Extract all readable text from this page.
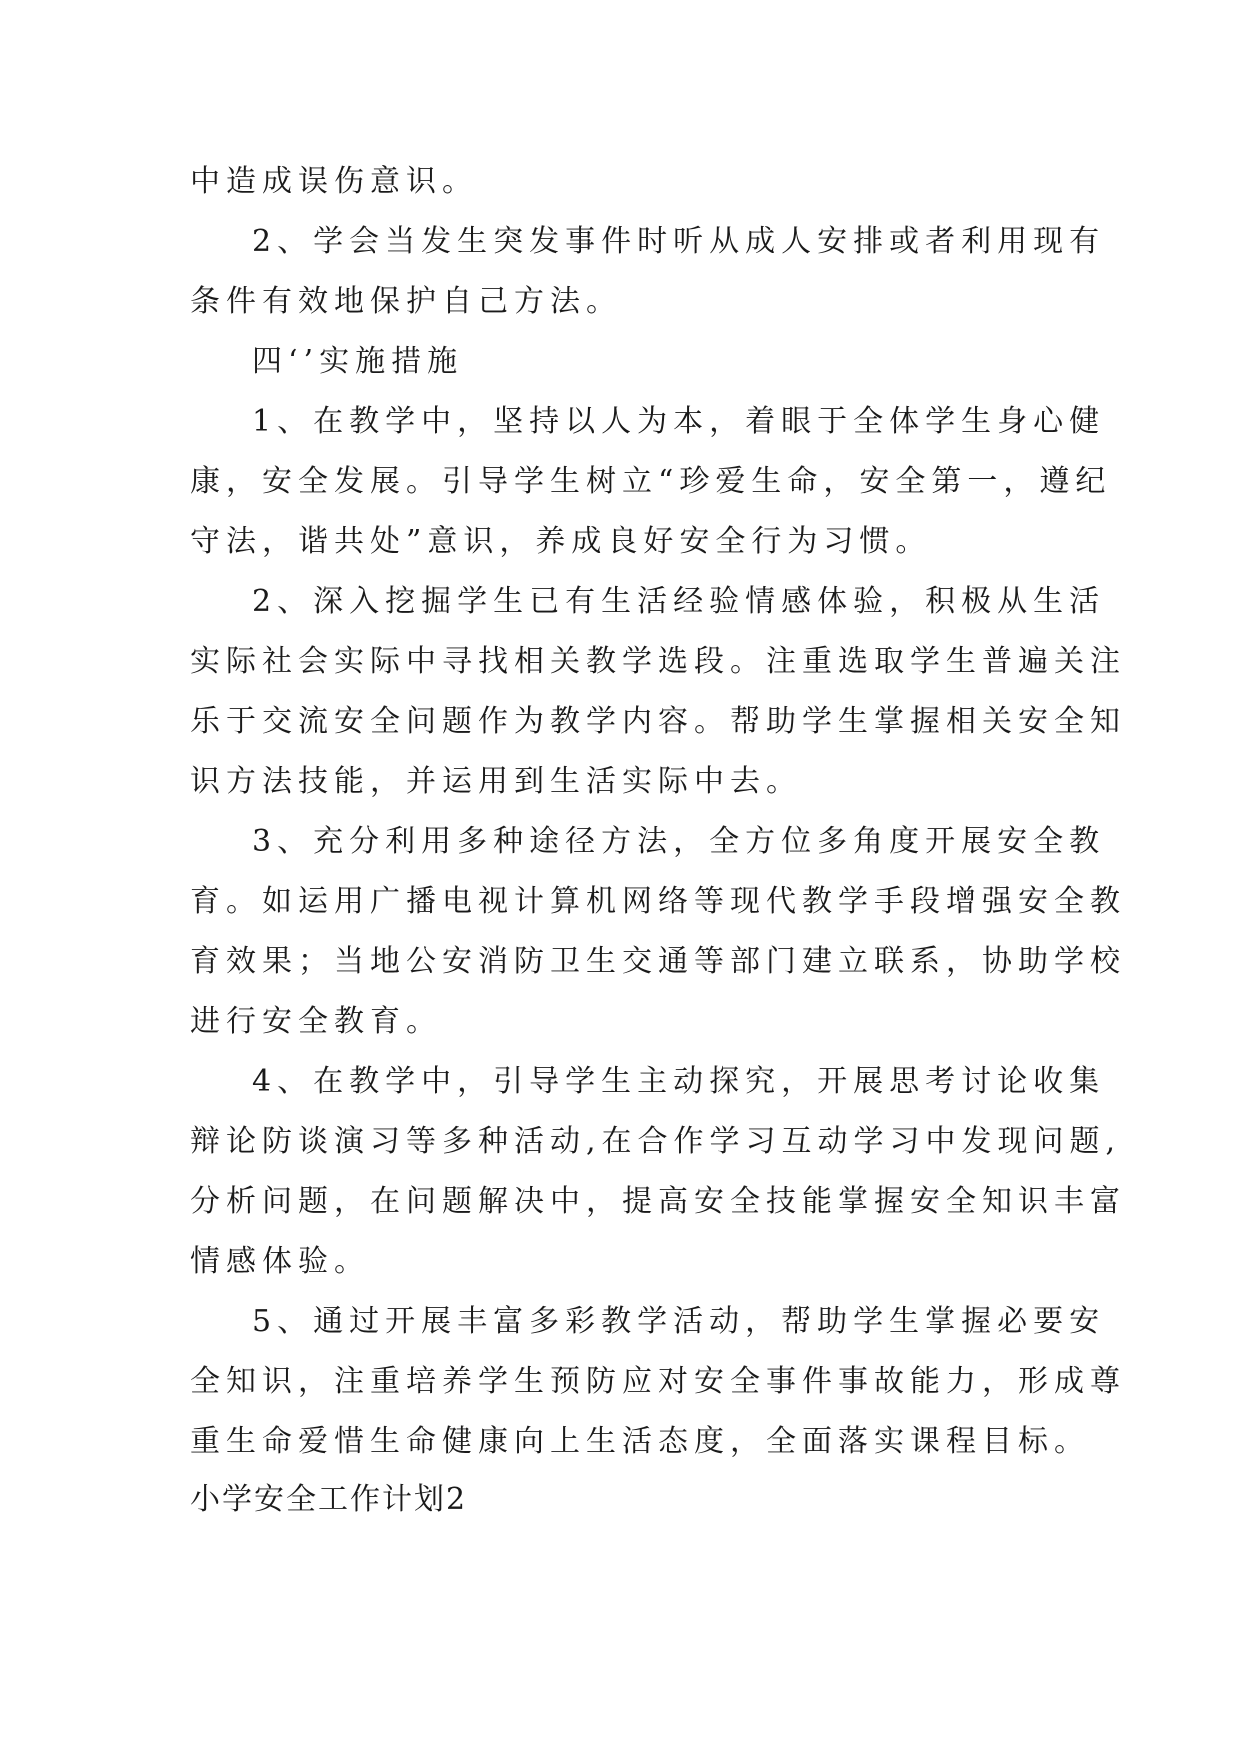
中造成误伤意识。
2、学会当发生突发事件时听从成人安排或者利用现有
条件有效地保护自己方法。
四‘’实施措施
1、在教学中，坚持以人为本，着眼于全体学生身心健
康，安全发展。引导学生树立“珍爱生命，安全第一，遵纪
守法，谐共处”意识，养成良好安全行为习惯。
2、深入挖掘学生已有生活经验情感体验，积极从生活
实际社会实际中寻找相关教学选段。注重选取学生普遍关注
乐于交流安全问题作为教学内容。帮助学生掌握相关安全知
识方法技能，并运用到生活实际中去。
3、充分利用多种途径方法，全方位多角度开展安全教
育。如运用广播电视计算机网络等现代教学手段增强安全教
育效果；当地公安消防卫生交通等部门建立联系，协助学校
进行安全教育。
4、在教学中，引导学生主动探究，开展思考讨论收集
辩论防谈演习等多种活动,在合作学习互动学习中发现问题,
分析问题，在问题解决中，提高安全技能掌握安全知识丰富
情感体验。
5、通过开展丰富多彩教学活动，帮助学生掌握必要安
全知识，注重培养学生预防应对安全事件事故能力，形成尊
重生命爱惜生命健康向上生活态度，全面落实课程目标。
小学安全工作计划2
